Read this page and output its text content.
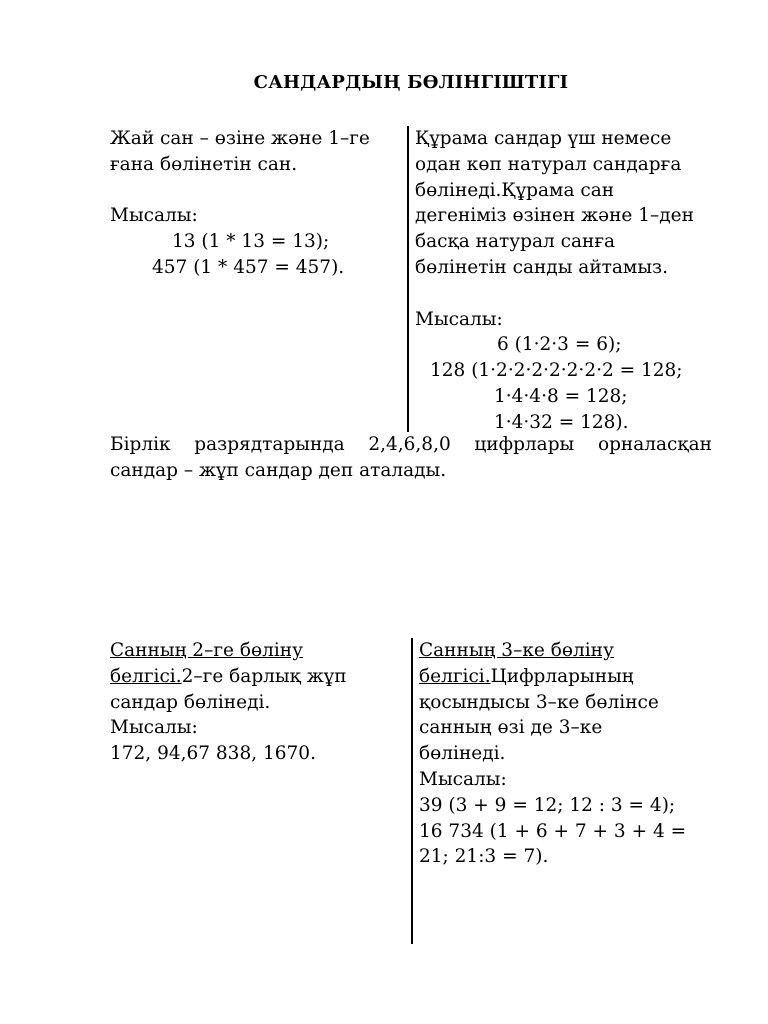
САНДАРДЫҢ БӨЛІНГІШТІГІ
Жай сан – өзіне және 1–ге
ғана бөлінетін сан.
Мысалы:
13 (1 * 13 = 13);
457 (1 * 457 = 457).
Құрама сандар үш немесе
одан көп натурал сандарға
бөлінеді.Құрама сан
дегеніміз өзінен және 1–ден
басқа натурал санға
бөлінетін санды айтамыз.
Мысалы:
6 (1·2·3 = 6);
128 (1·2·2·2·2·2·2·2 = 128;
1·4·4·8 = 128;
1·4·32 = 128).
Бірлік разрядтарында 2,4,6,8,0 цифрлары орналасқан
сандар – жұп сандар деп аталады.
Санның 2–ге бөліну
белгісі.2–ге барлық жұп
сандар бөлінеді.
Мысалы:
172, 94,67 838, 1670.
Санның 3–ке бөліну
белгісі.Цифрларының
қосындысы 3–ке бөлінсе
санның өзі де 3–ке
бөлінеді.
Мысалы:
39 (3 + 9 = 12; 12 : 3 = 4);
16 734 (1 + 6 + 7 + 3 + 4 =
21; 21:3 = 7).
